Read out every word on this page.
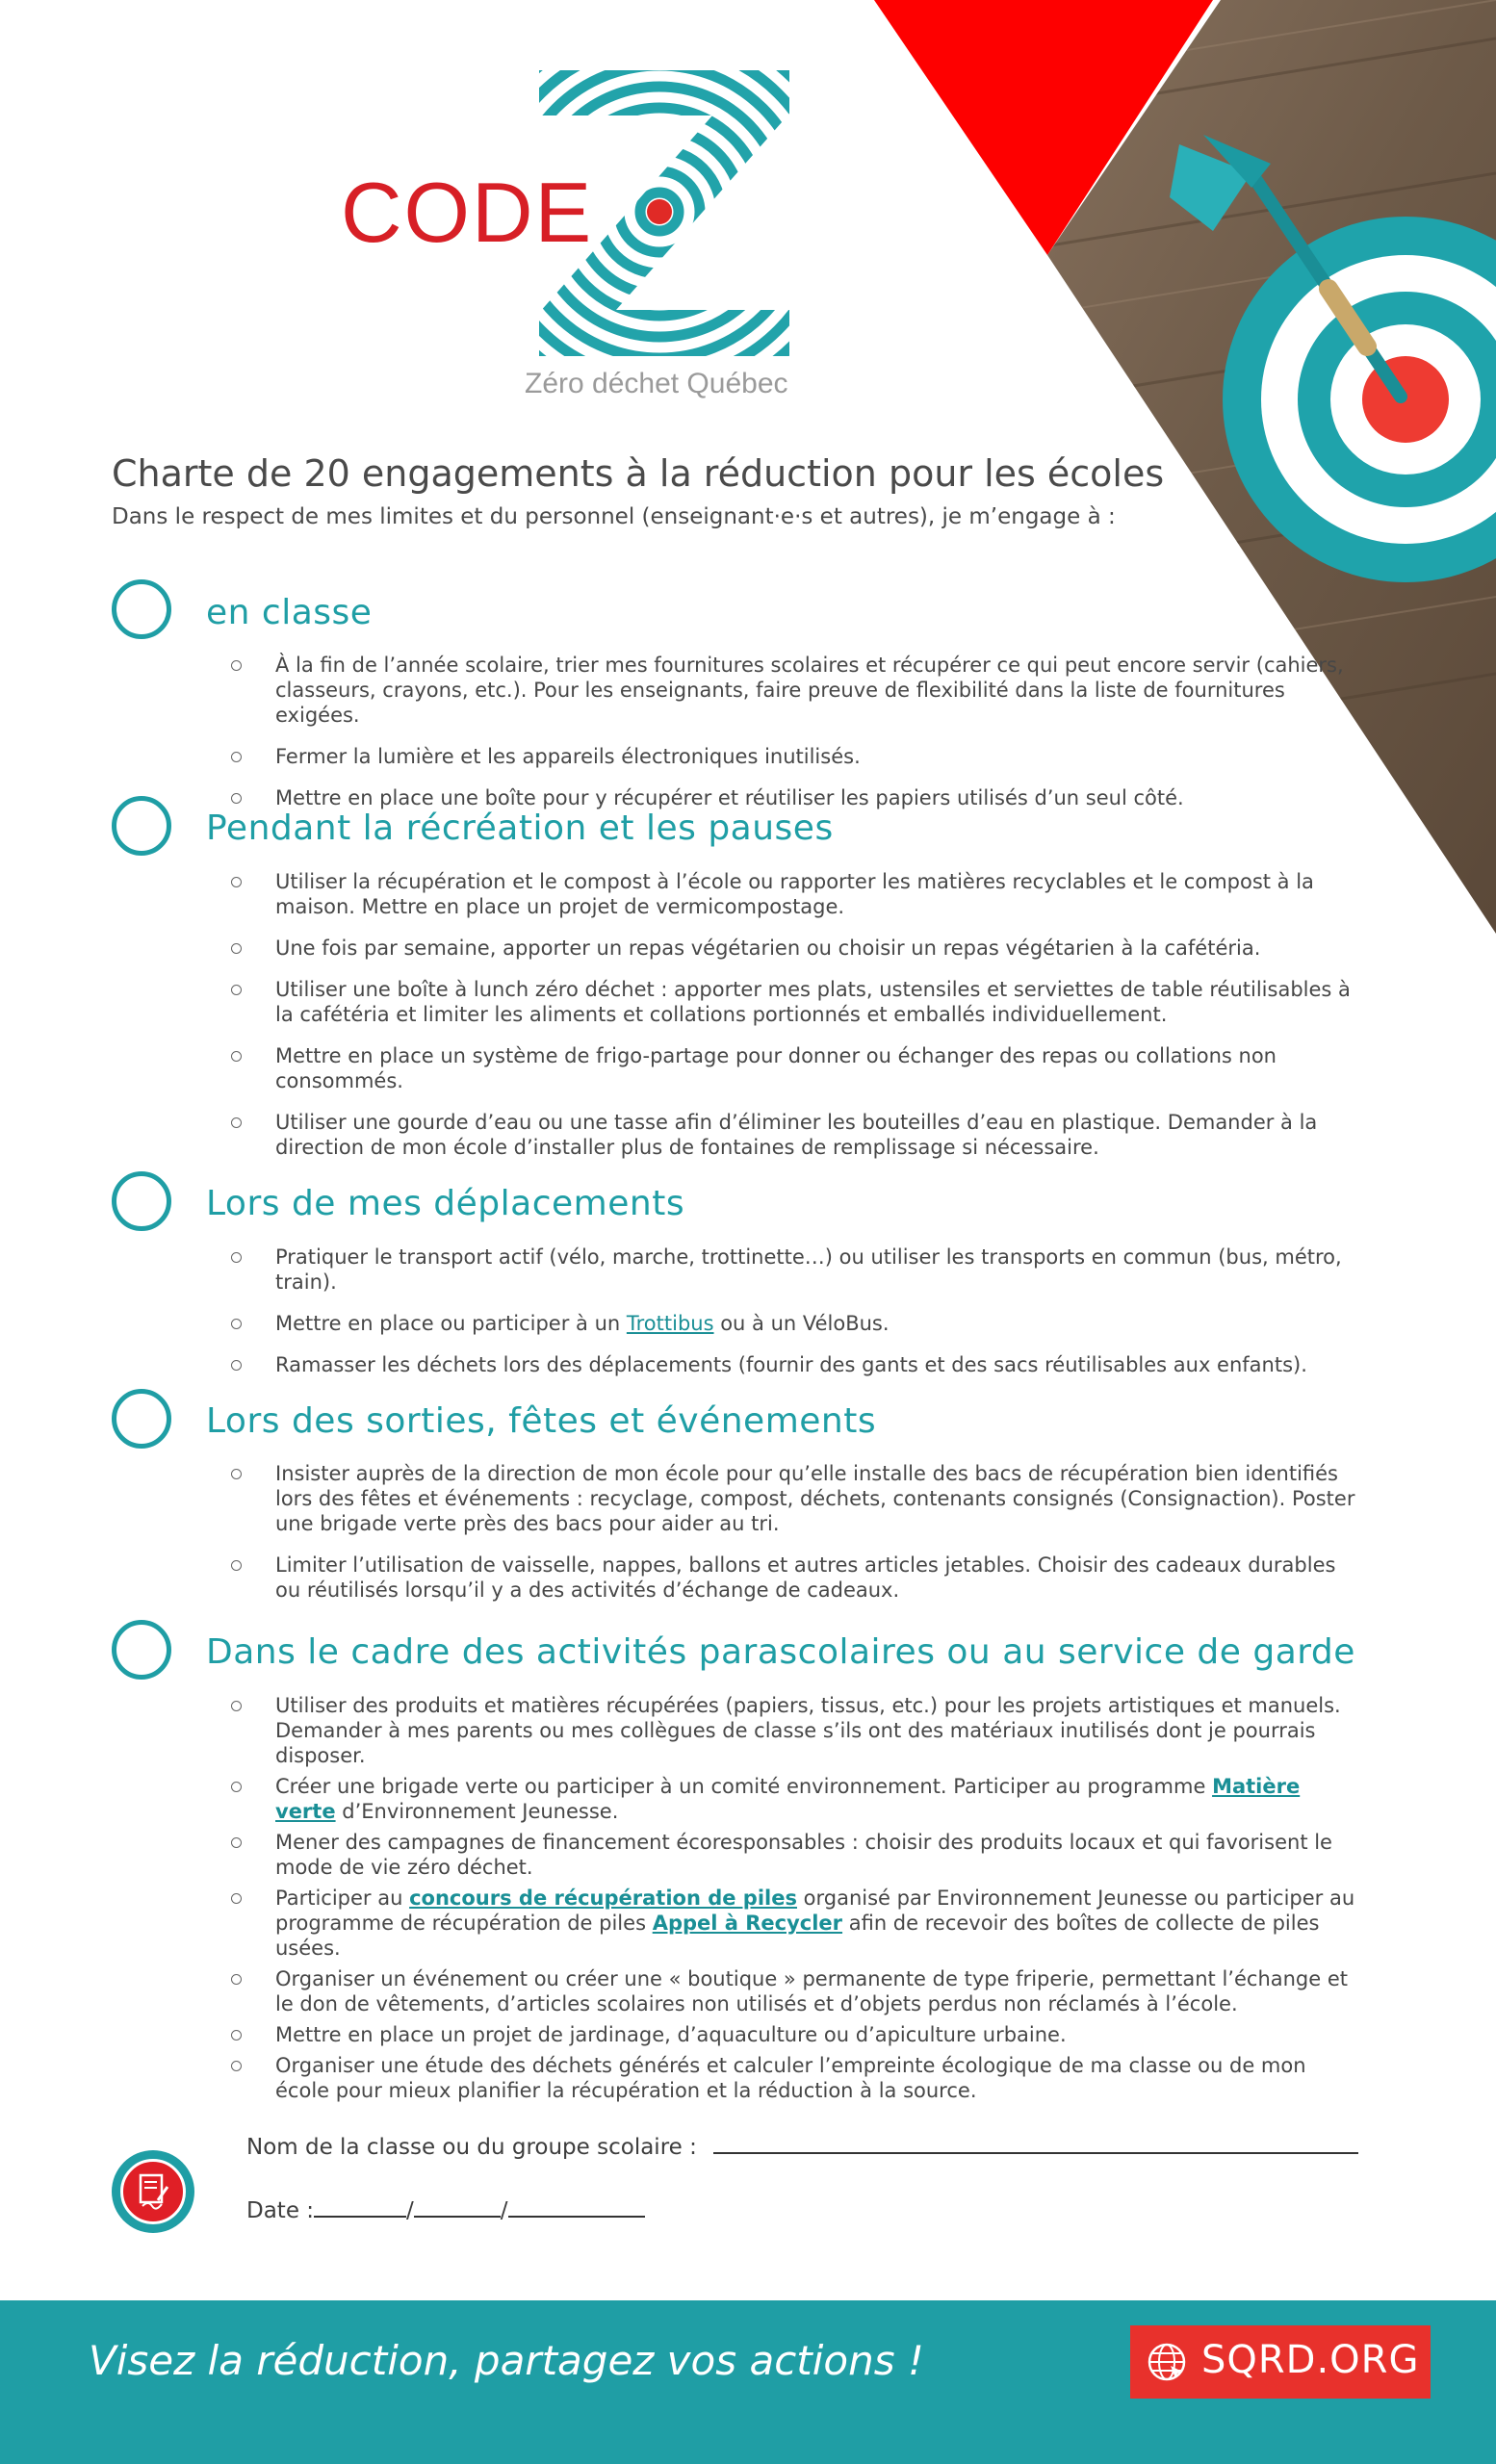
CODE
Zéro déchet Québec
Charte de 20 engagements à la réduction pour les écoles
Dans le respect de mes limites et du personnel (enseignant·e·s et autres), je m’engage à :
en classe
À la fin de l’année scolaire, trier mes fournitures scolaires et récupérer ce qui peut encore servir (cahiers, classeurs, crayons, etc.). Pour les enseignants, faire preuve de flexibilité dans la liste de fournitures exigées.
Fermer la lumière et les appareils électroniques inutilisés.
Mettre en place une boîte pour y récupérer et réutiliser les papiers utilisés d’un seul côté.
Pendant la récréation et les pauses
Utiliser la récupération et le compost à l’école ou rapporter les matières recyclables et le compost à la maison. Mettre en place un projet de vermicompostage.
Une fois par semaine, apporter un repas végétarien ou choisir un repas végétarien à la cafétéria.
Utiliser une boîte à lunch zéro déchet : apporter mes plats, ustensiles et serviettes de table réutilisables à la cafétéria et limiter les aliments et collations portionnés et emballés individuellement.
Mettre en place un système de frigo-partage pour donner ou échanger des repas ou collations non consommés.
Utiliser une gourde d’eau ou une tasse afin d’éliminer les bouteilles d’eau en plastique. Demander à la direction de mon école d’installer plus de fontaines de remplissage si nécessaire.
Lors de mes déplacements
Pratiquer le transport actif (vélo, marche, trottinette…) ou utiliser les transports en commun (bus, métro, train).
Mettre en place ou participer à un Trottibus ou à un VéloBus.
Ramasser les déchets lors des déplacements (fournir des gants et des sacs réutilisables aux enfants).
Lors des sorties, fêtes et événements
Insister auprès de la direction de mon école pour qu’elle installe des bacs de récupération bien identifiés lors des fêtes et événements : recyclage, compost, déchets, contenants consignés (Consignaction). Poster une brigade verte près des bacs pour aider au tri.
Limiter l’utilisation de vaisselle, nappes, ballons et autres articles jetables. Choisir des cadeaux durables ou réutilisés lorsqu’il y a des activités d’échange de cadeaux.
Dans le cadre des activités parascolaires ou au service de garde
Utiliser des produits et matières récupérées (papiers, tissus, etc.) pour les projets artistiques et manuels. Demander à mes parents ou mes collègues de classe s’ils ont des matériaux inutilisés dont je pourrais disposer.
Créer une brigade verte ou participer à un comité environnement. Participer au programme Matière verte d’Environnement Jeunesse.
Mener des campagnes de financement écoresponsables : choisir des produits locaux et qui favorisent le mode de vie zéro déchet.
Participer au concours de récupération de piles organisé par Environnement Jeunesse ou participer au programme de récupération de piles Appel à Recycler afin de recevoir des boîtes de collecte de piles usées.
Organiser un événement ou créer une « boutique » permanente de type friperie, permettant l’échange et le don de vêtements, d’articles scolaires non utilisés et d’objets perdus non réclamés à l’école.
Mettre en place un projet de jardinage, d’aquaculture ou d’apiculture urbaine.
Organiser une étude des déchets générés et calculer l’empreinte écologique de ma classe ou de mon école pour mieux planifier la récupération et la réduction à la source.
Nom de la classe ou du groupe scolaire :
Date :	/	/
Visez la réduction, partagez vos actions !	SQRD.ORG
